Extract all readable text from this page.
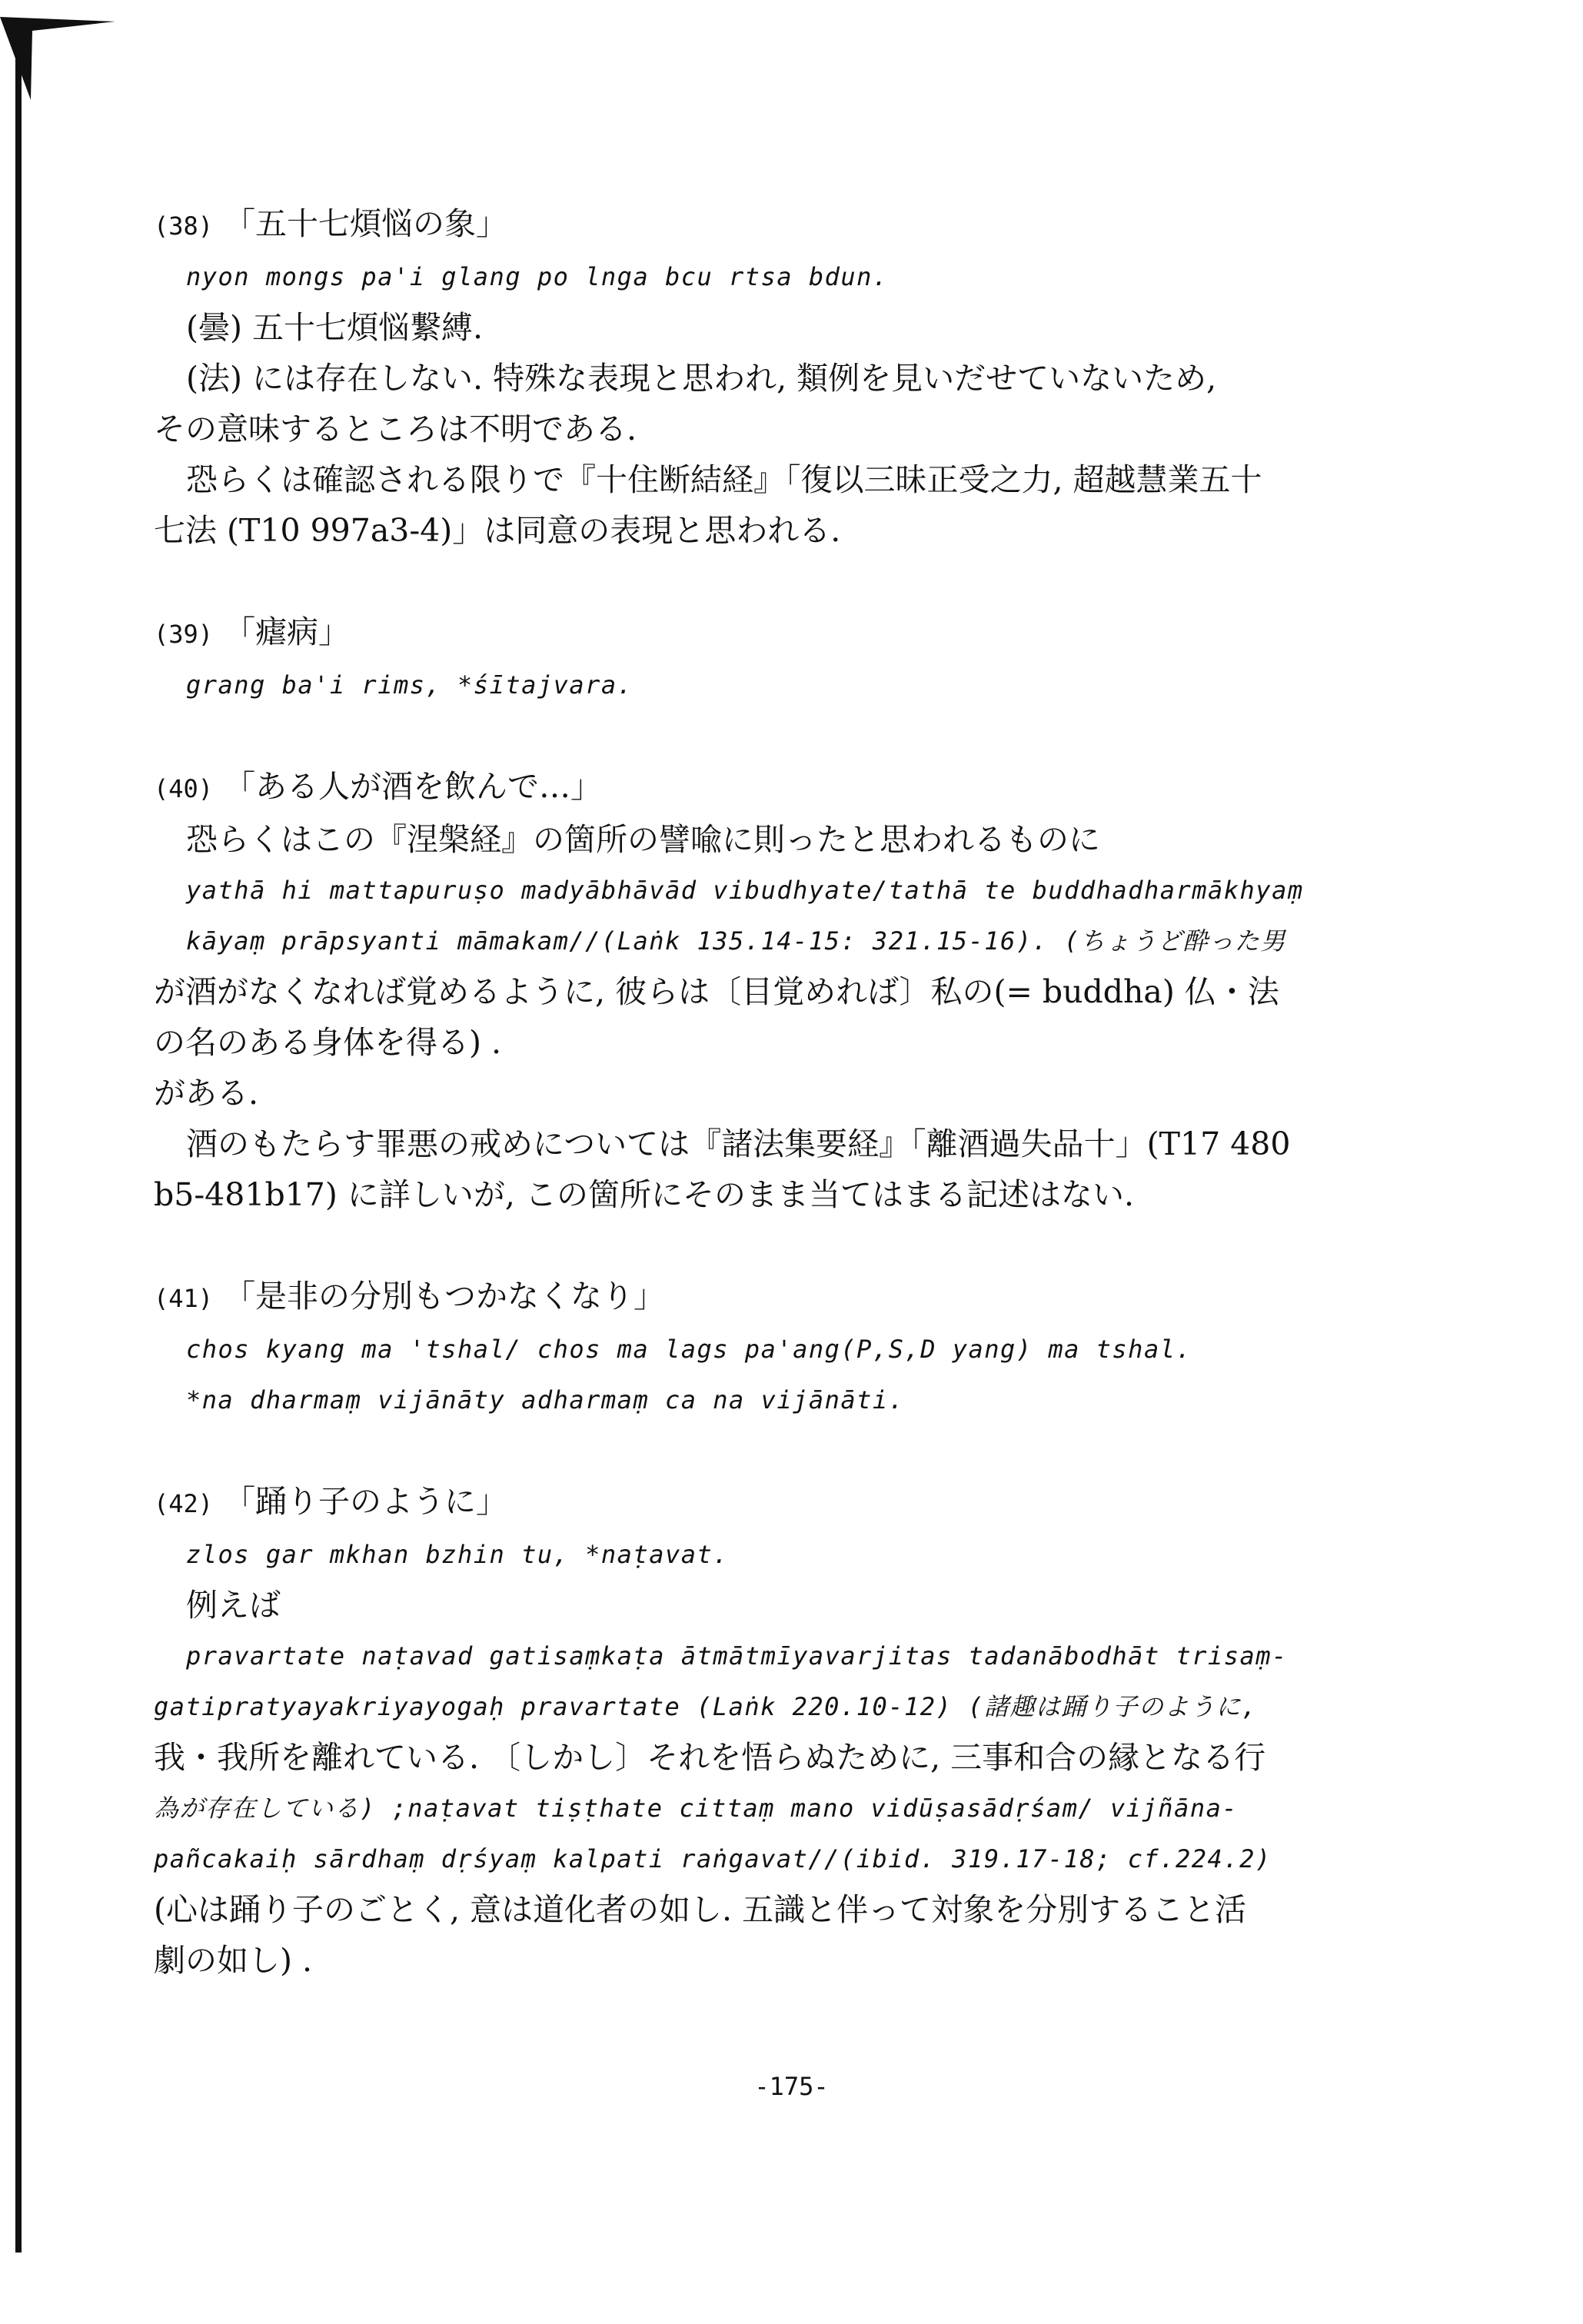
(38) 「五十七煩悩の象」
nyon mongs pa'i glang po lnga bcu rtsa bdun.
(曇) 五十七煩悩繋縛.
(法) には存在しない. 特殊な表現と思われ, 類例を見いだせていないため,
その意味するところは不明である.
恐らくは確認される限りで『十住断結経』「復以三昧正受之力, 超越慧業五十
七法 (T10 997a3-4)」は同意の表現と思われる.
(39) 「瘧病」
grang ba'i rims, *śītajvara.
(40) 「ある人が酒を飲んで…」
恐らくはこの『涅槃経』の箇所の譬喩に則ったと思われるものに
yathā hi mattapuruṣo madyābhāvād vibudhyate/tathā te buddhadharmākhyaṃ
kāyaṃ prāpsyanti māmakam//(Laṅk 135.14-15: 321.15-16). (ちょうど酔った男
が酒がなくなれば覚めるように, 彼らは〔目覚めれば〕私の(= buddha) 仏・法
の名のある身体を得る) .
がある.
酒のもたらす罪悪の戒めについては『諸法集要経』「離酒過失品十」(T17 480
b5-481b17) に詳しいが, この箇所にそのまま当てはまる記述はない.
(41) 「是非の分別もつかなくなり」
chos kyang ma 'tshal/ chos ma lags pa'ang(P,S,D yang) ma tshal.
*na dharmaṃ vijānāty adharmaṃ ca na vijānāti.
(42) 「踊り子のように」
zlos gar mkhan bzhin tu, *naṭavat.
例えば
pravartate naṭavad gatisaṃkaṭa ātmātmīyavarjitas tadanābodhāt trisaṃ-
gatipratyayakriyayogaḥ pravartate (Laṅk 220.10-12) (諸趣は踊り子のように,
我・我所を離れている. 〔しかし〕それを悟らぬために, 三事和合の縁となる行
為が存在している) ;naṭavat tiṣṭhate cittaṃ mano vidūṣasādṛśam/ vijñāna-
pañcakaiḥ sārdhaṃ dṛśyaṃ kalpati raṅgavat//(ibid. 319.17-18; cf.224.2)
(心は踊り子のごとく, 意は道化者の如し. 五識と伴って対象を分別すること活
劇の如し) .
-175-
